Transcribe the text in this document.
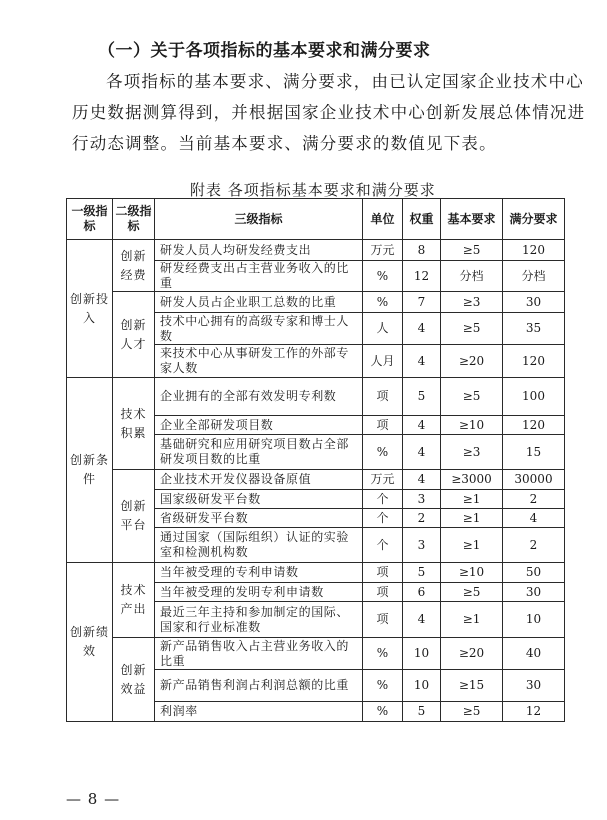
（一）关于各项指标的基本要求和满分要求
各项指标的基本要求、满分要求，由已认定国家企业技术中心
历史数据测算得到，并根据国家企业技术中心创新发展总体情况进
行动态调整。当前基本要求、满分要求的数值见下表。
附表 各项指标基本要求和满分要求
一级指标	二级指标	三级指标	单位	权重	基本要求	满分要求
创新投入	创新经费	研发人员人均研发经费支出	万元	8	≥5	120
		研发经费支出占主营业务收入的比重	%	12	分档	分档
	创新人才	研发人员占企业职工总数的比重	%	7	≥3	30
		技术中心拥有的高级专家和博士人数	人	4	≥5	35
		来技术中心从事研发工作的外部专家人数	人月	4	≥20	120
创新条件	技术积累	企业拥有的全部有效发明专利数	项	5	≥5	100
		企业全部研发项目数	项	4	≥10	120
		基础研究和应用研究项目数占全部研发项目数的比重	%	4	≥3	15
	创新平台	企业技术开发仪器设备原值	万元	4	≥3000	30000
		国家级研发平台数	个	3	≥1	2
		省级研发平台数	个	2	≥1	4
		通过国家（国际组织）认证的实验室和检测机构数	个	3	≥1	2
创新绩效	技术产出	当年被受理的专利申请数	项	5	≥10	50
		当年被受理的发明专利申请数	项	6	≥5	30
		最近三年主持和参加制定的国际、国家和行业标准数	项	4	≥1	10
	创新效益	新产品销售收入占主营业务收入的比重	%	10	≥20	40
		新产品销售利润占利润总额的比重	%	10	≥15	30
		利润率	%	5	≥5	12
— 8 —
